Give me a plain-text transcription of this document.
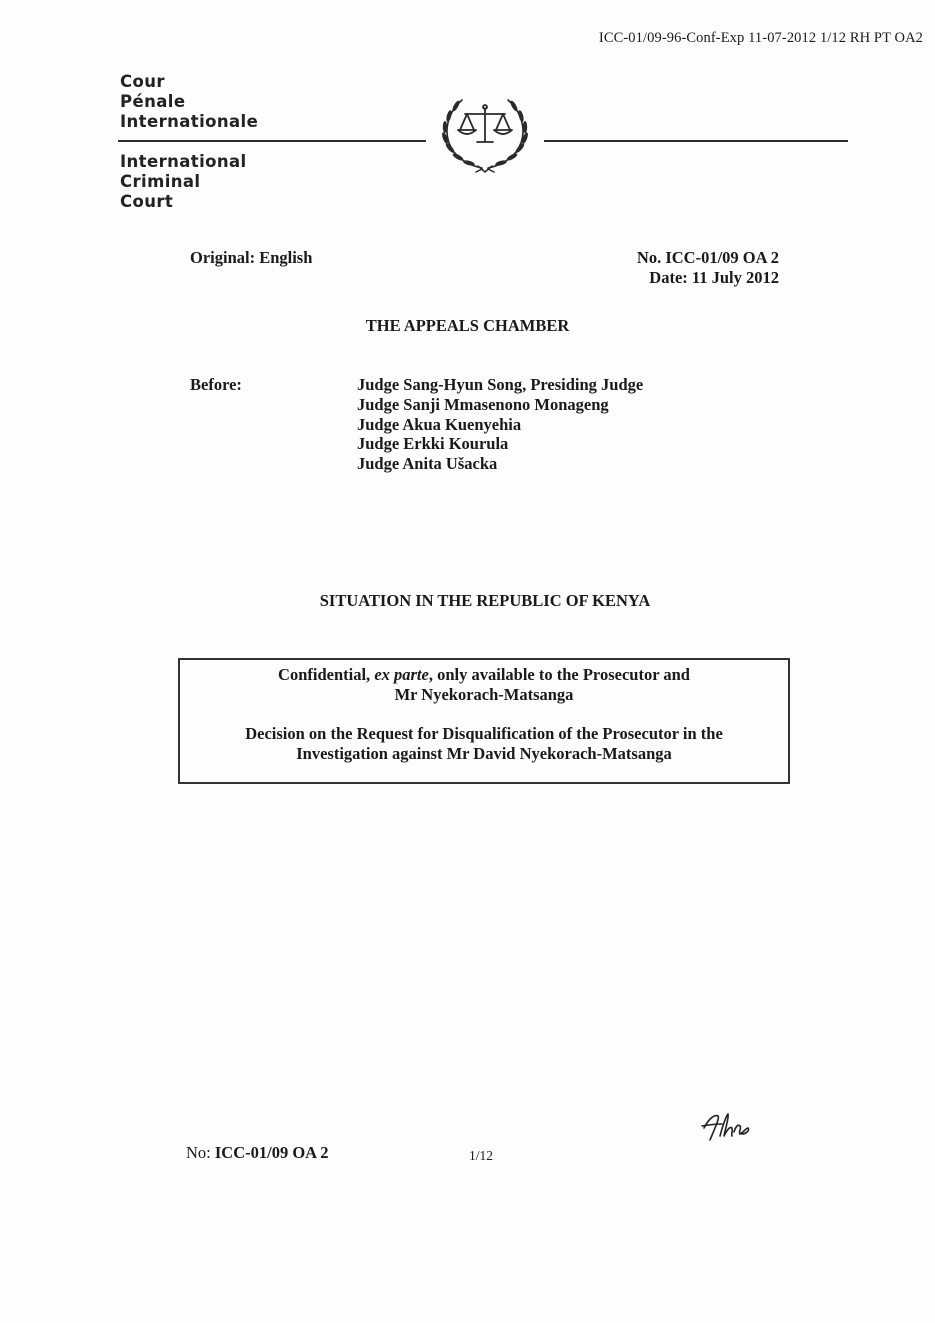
ICC-01/09-96-Conf-Exp 11-07-2012 1/12 RH PT OA2
Cour
Pénale
Internationale
International
Criminal
Court
Original: English	No. ICC-01/09 OA 2
Date: 11 July 2012
THE APPEALS CHAMBER
Before:	Judge Sang-Hyun Song, Presiding Judge
Judge Sanji Mmasenono Monageng
Judge Akua Kuenyehia
Judge Erkki Kourula
Judge Anita Ušacka
SITUATION IN THE REPUBLIC OF KENYA
Confidential, ex parte, only available to the Prosecutor and
Mr Nyekorach-Matsanga
Decision on the Request for Disqualification of the Prosecutor in the
Investigation against Mr David Nyekorach-Matsanga
No: ICC-01/09 OA 2	1/12
